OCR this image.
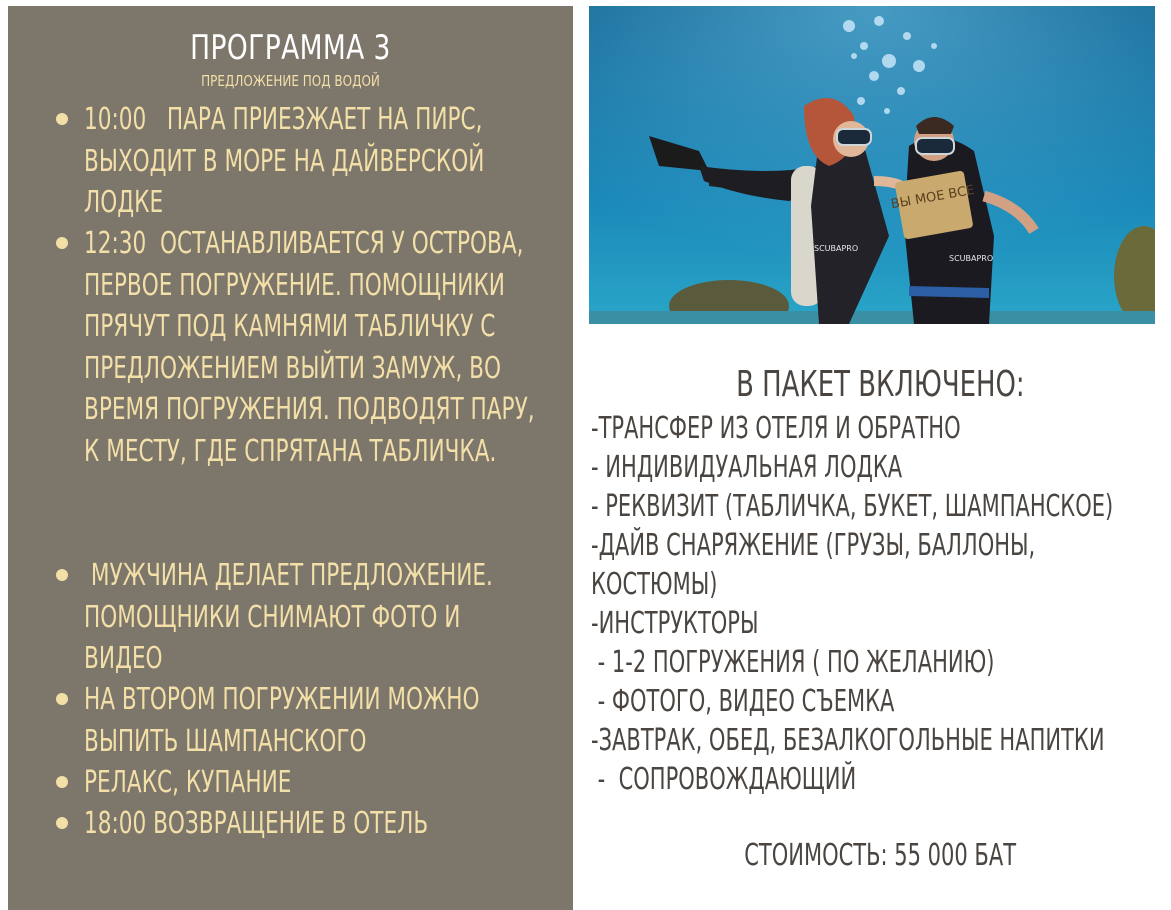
ПРОГРАММА 3
ПРЕДЛОЖЕНИЕ ПОД ВОДОЙ
10:00   ПАРА ПРИЕЗЖАЕТ НА ПИРС, ВЫХОДИТ В МОРЕ НА ДАЙВЕРСКОЙ ЛОДКЕ
12:30  ОСТАНАВЛИВАЕТСЯ У ОСТРОВА, ПЕРВОЕ ПОГРУЖЕНИЕ. ПОМОЩНИКИ ПРЯЧУТ ПОД КАМНЯМИ ТАБЛИЧКУ С ПРЕДЛОЖЕНИЕМ ВЫЙТИ ЗАМУЖ, ВО ВРЕМЯ ПОГРУЖЕНИЯ. ПОДВОДЯТ ПАРУ, К МЕСТУ, ГДЕ СПРЯТАНА ТАБЛИЧКА.
МУЖЧИНА ДЕЛАЕТ ПРЕДЛОЖЕНИЕ. ПОМОЩНИКИ СНИМАЮТ ФОТО И ВИДЕО
НА ВТОРОМ ПОГРУЖЕНИИ МОЖНО ВЫПИТЬ ШАМПАНСКОГО
РЕЛАКС, КУПАНИЕ
18:00 ВОЗВРАЩЕНИЕ В ОТЕЛЬ
ВЫ МОЕ ВСЕ
SCUBAPRO
SCUBAPRO
В ПАКЕТ ВКЛЮЧЕНО:
-ТРАНСФЕР ИЗ ОТЕЛЯ И ОБРАТНО
- ИНДИВИДУАЛЬНАЯ ЛОДКА
- РЕКВИЗИТ (ТАБЛИЧКА, БУКЕТ, ШАМПАНСКОЕ)
-ДАЙВ СНАРЯЖЕНИЕ (ГРУЗЫ, БАЛЛОНЫ, КОСТЮМЫ)
-ИНСТРУКТОРЫ
- 1-2 ПОГРУЖЕНИЯ ( ПО ЖЕЛАНИЮ)
- ФОТОГО, ВИДЕО СЪЕМКА
-ЗАВТРАК, ОБЕД, БЕЗАЛКОГОЛЬНЫЕ НАПИТКИ
-  СОПРОВОЖДАЮЩИЙ
СТОИМОСТЬ: 55 000 БАТ
